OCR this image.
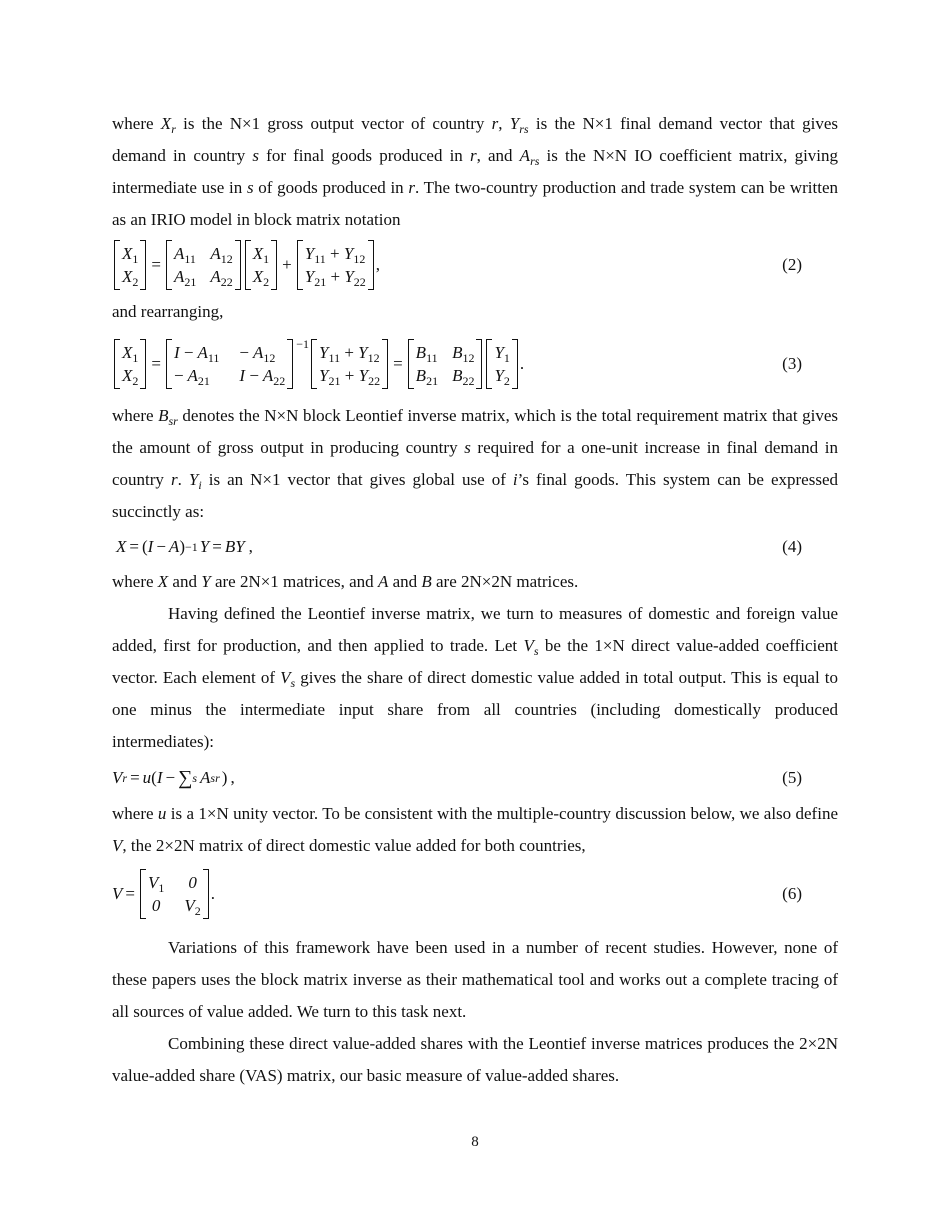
where $X_r$ is the N×1 gross output vector of country r, $Y_{rs}$ is the N×1 final demand vector that gives demand in country s for final goods produced in r, and $A_{rs}$ is the N×N IO coefficient matrix, giving intermediate use in s of goods produced in r. The two-country production and trade system can be written as an IRIO model in block matrix notation

$X_1$
$X_2$
=
$A_{11}$ $A_{12}$
$A_{21}$ $A_{22}$
$X_1$
$X_2$
+
$Y_{11} + Y_{12}$
$Y_{21} + Y_{22}$
,	(2)

and rearranging,

$X_1$
$X_2$
=
$I - A_{11} - A_{12}$
− $A_{21}$	$I - A_{22}$
−1 $Y_{11} + Y_{12}$
$Y_{21} + Y_{22}$
=
$B_{11}$ $B_{12}$
$B_{21}$ $B_{22}$
$Y_1$
$Y_2$
.	(3)

where $B_{sr}$ denotes the N×N block Leontief inverse matrix, which is the total requirement matrix that gives the amount of gross output in producing country s required for a one-unit increase in final demand in country r. $Y_i$ is an N×1 vector that gives global use of i’s final goods. This system can be expressed succinctly as:

X = ( I − A ) −1 Y = BY ,	(4)

where X and Y are 2N×1 matrices, and A and B are 2N×2N matrices.

Having defined the Leontief inverse matrix, we turn to measures of domestic and foreign value added, first for production, and then applied to trade. Let $V_s$ be the 1×N direct value-added coefficient vector. Each element of $V_s$ gives the share of direct domestic value added in total output. This is equal to one minus the intermediate input share from all countries (including domestically produced intermediates):

V r = u ( I − ∑ s A sr ) ,	(5)

where u is a 1×N unity vector. To be consistent with the multiple-country discussion below, we also define V, the 2×2N matrix of direct domestic value added for both countries,

V =
$V_1$ 0
0 $V_2$
.	(6)

Variations of this framework have been used in a number of recent studies. However, none of these papers uses the block matrix inverse as their mathematical tool and works out a complete tracing of all sources of value added. We turn to this task next.

Combining these direct value-added shares with the Leontief inverse matrices produces the 2×2N value-added share (VAS) matrix, our basic measure of value-added shares.

8
